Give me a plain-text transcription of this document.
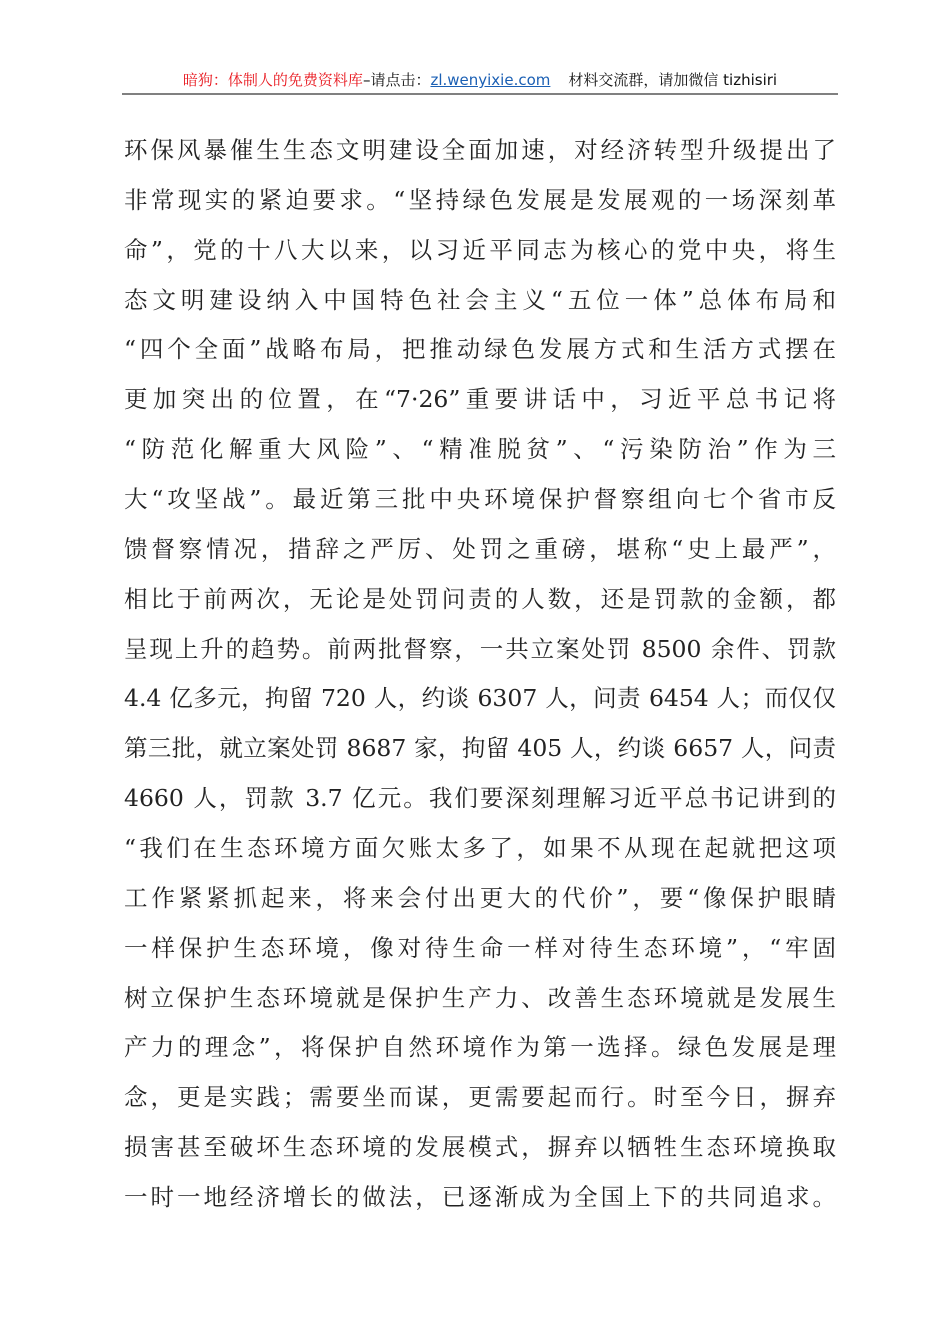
暗狗：体制人的免费资料库–请点击：zl.wenyixie.com 材料交流群，请加微信 tizhisiri
环保风暴催生生态文明建设全面加速，对经济转型升级提出了
非常现实的紧迫要求。“坚持绿色发展是发展观的一场深刻革
命”，党的十八大以来，以习近平同志为核心的党中央，将生
态文明建设纳入中国特色社会主义“五位一体”总体布局和
“四个全面”战略布局，把推动绿色发展方式和生活方式摆在
更加突出的位置，在“7·26”重要讲话中，习近平总书记将
“防范化解重大风险”、“精准脱贫”、“污染防治”作为三
大“攻坚战”。最近第三批中央环境保护督察组向七个省市反
馈督察情况，措辞之严厉、处罚之重磅，堪称“史上最严”，
相比于前两次，无论是处罚问责的人数，还是罚款的金额，都
呈现上升的趋势。前两批督察，一共立案处罚 8500 余件、罚款
4.4 亿多元，拘留 720 人，约谈 6307 人，问责 6454 人；而仅仅
第三批，就立案处罚 8687 家，拘留 405 人，约谈 6657 人，问责
4660 人，罚款 3.7 亿元。我们要深刻理解习近平总书记讲到的
“我们在生态环境方面欠账太多了，如果不从现在起就把这项
工作紧紧抓起来，将来会付出更大的代价”，要“像保护眼睛
一样保护生态环境，像对待生命一样对待生态环境”，“牢固
树立保护生态环境就是保护生产力、改善生态环境就是发展生
产力的理念”，将保护自然环境作为第一选择。绿色发展是理
念，更是实践；需要坐而谋，更需要起而行。时至今日，摒弃
损害甚至破坏生态环境的发展模式，摒弃以牺牲生态环境换取
一时一地经济增长的做法，已逐渐成为全国上下的共同追求。
